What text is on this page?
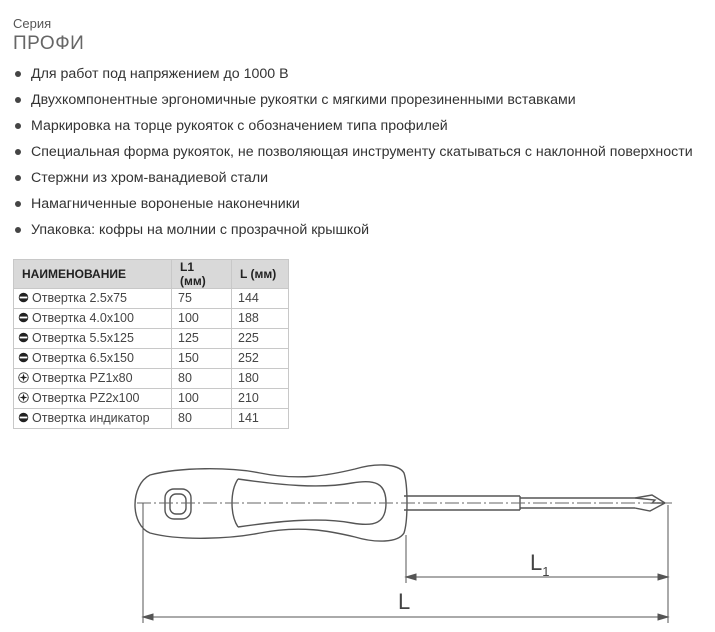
Серия
ПРОФИ
Для работ под напряжением до 1000 В
Двухкомпонентные эргономичные рукоятки с мягкими прорезиненными вставками
Маркировка на торце рукояток с обозначением типа профилей
Специальная форма рукояток, не позволяющая инструменту скатываться с наклонной поверхности
Стержни из хром-ванадиевой стали
Намагниченные вороненые наконечники
Упаковка: кофры на молнии с прозрачной крышкой
НАИМЕНОВАНИЕ	L1 (мм)	L (мм)
Отвертка 2.5x75	75	144
Отвертка 4.0x100	100	188
Отвертка 5.5x125	125	225
Отвертка 6.5x150	150	252
Отвертка PZ1x80	80	180
Отвертка PZ2x100	100	210
Отвертка индикатор	80	141
$L_1$
L
